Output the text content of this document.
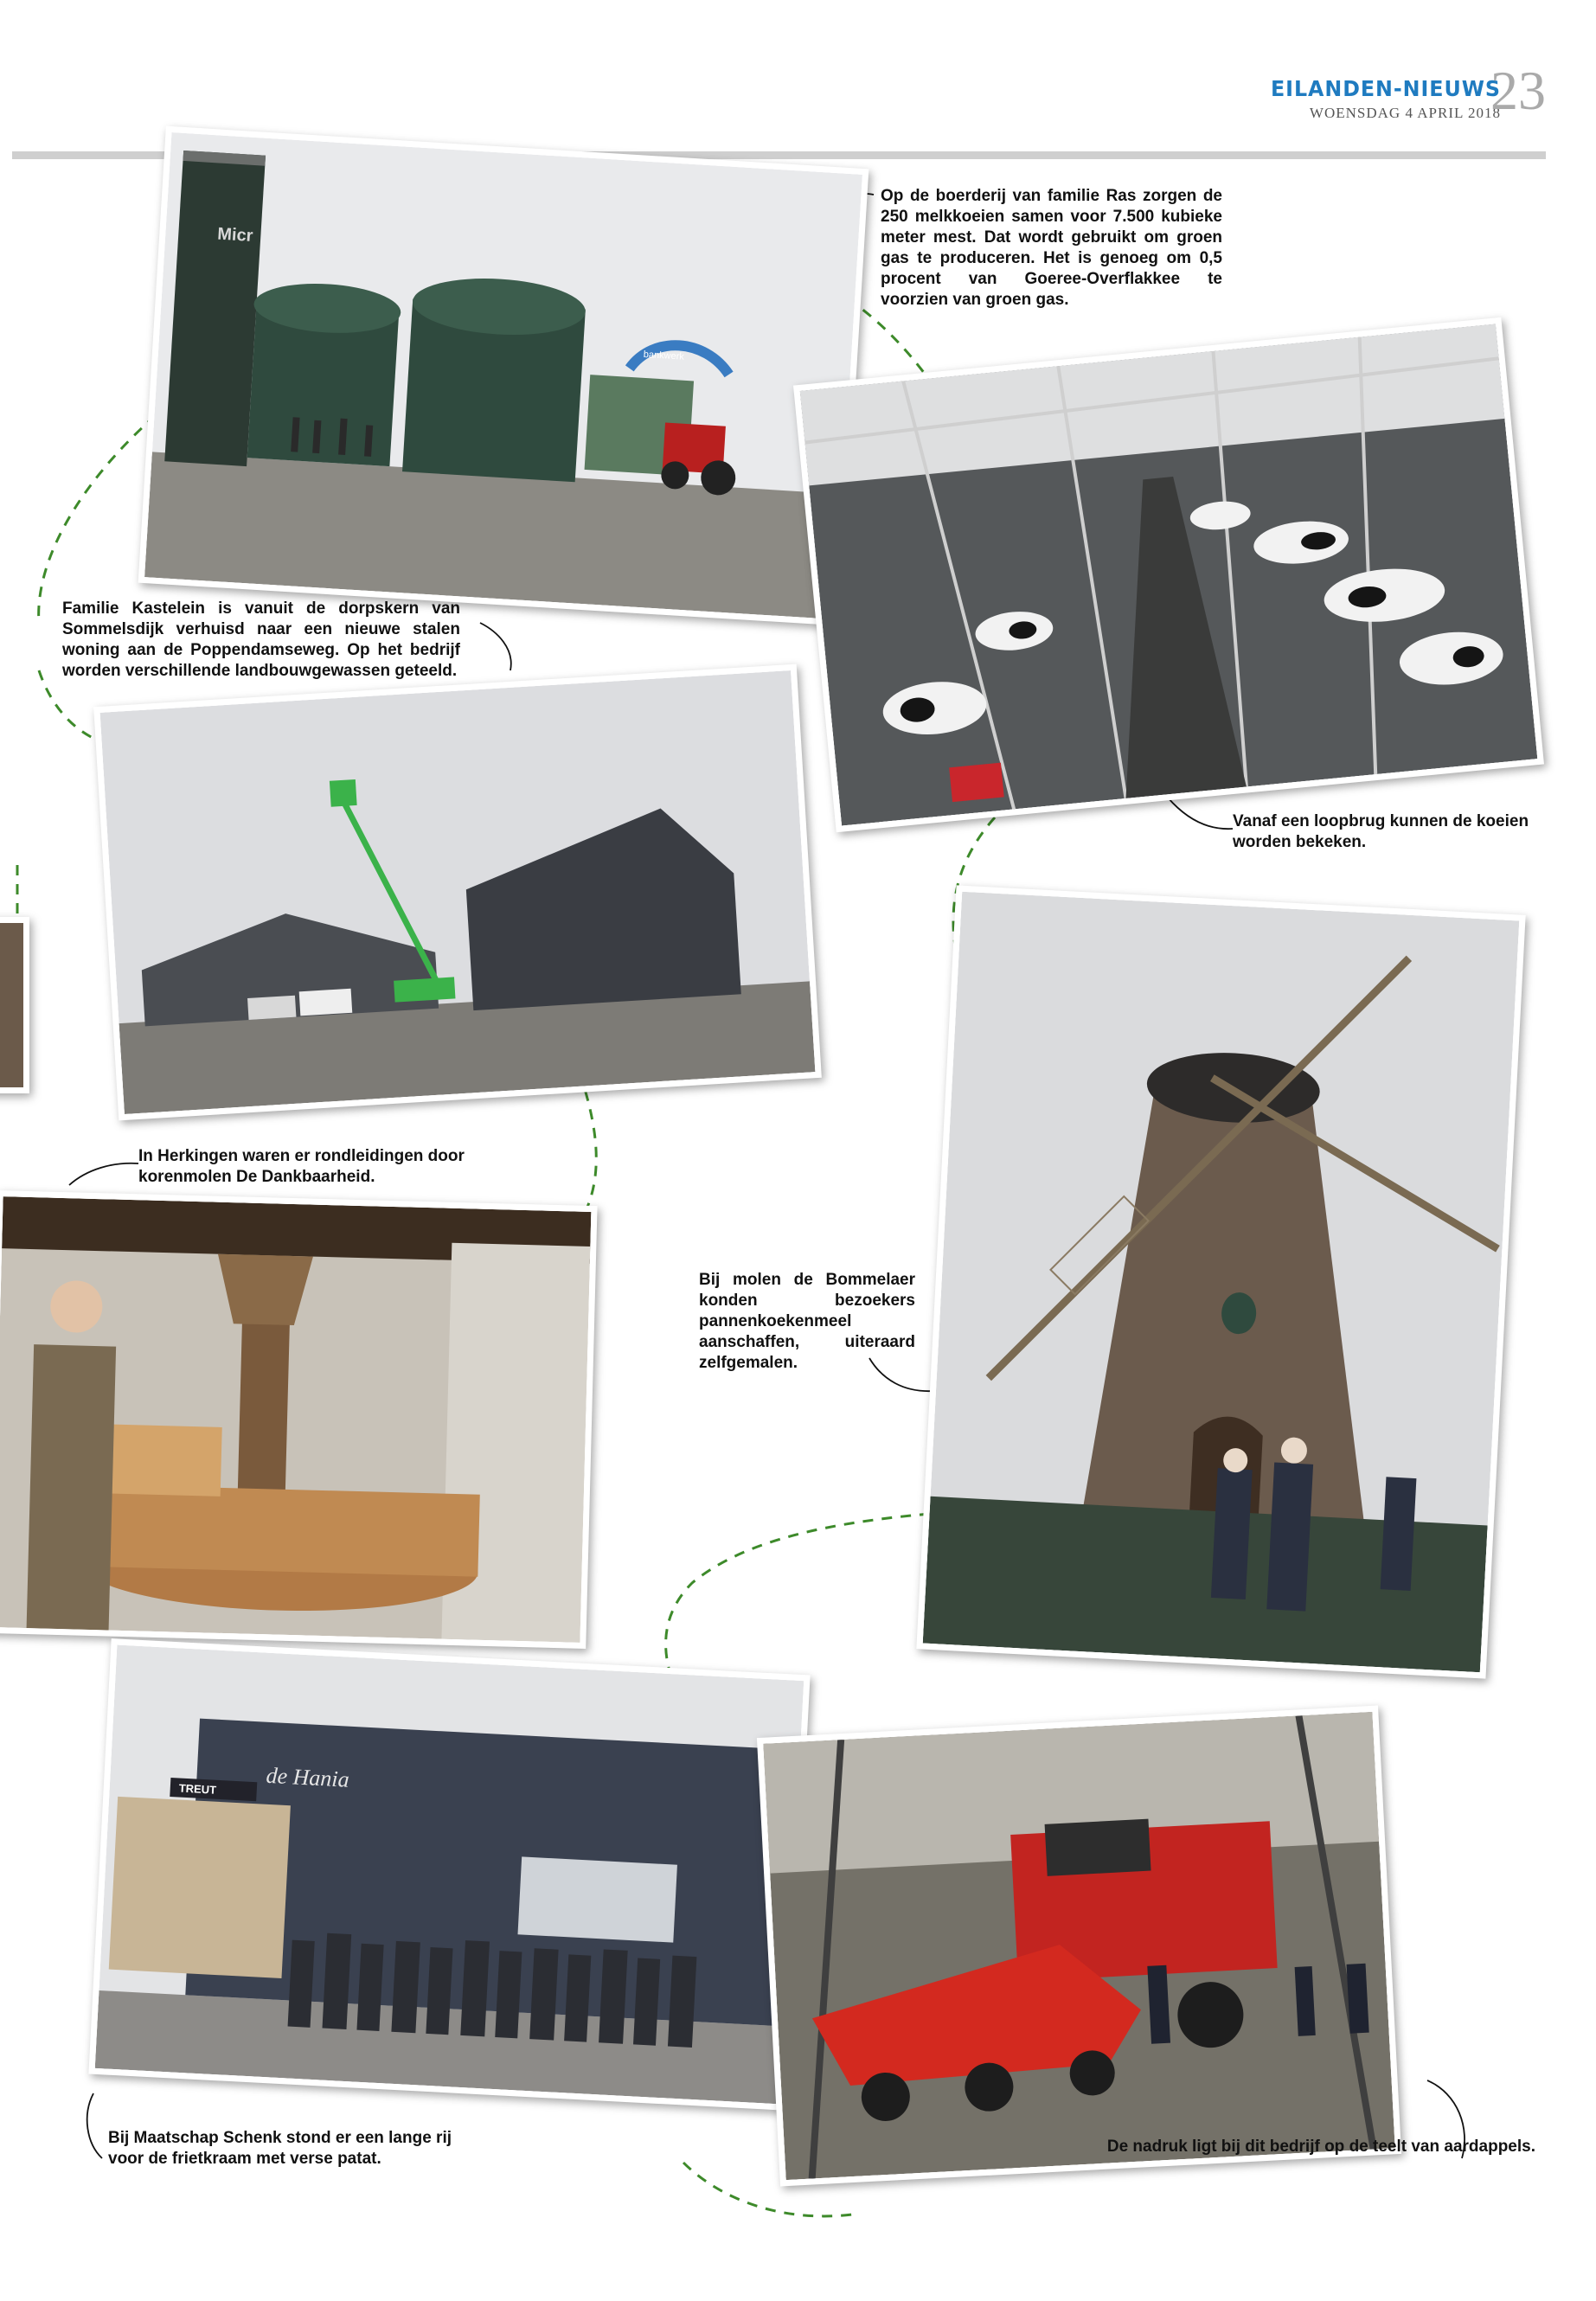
EILANDEN-NIEUWS
WOENSDAG 4 APRIL 2018
23
Micr
bankwerk
Op de boerderij van familie Ras zorgen de 250 melkkoeien samen voor 7.500 kubieke meter mest. Dat wordt gebruikt om groen gas te produceren. Het is genoeg om 0,5 procent van Goeree-Overflakkee te voorzien van groen gas.
Familie Kastelein is vanuit de dorpskern van Sommelsdijk verhuisd naar een nieuwe stalen woning aan de Poppendamseweg. Op het bedrijf worden verschillende landbouwgewassen geteeld.
Vanaf een loopbrug kunnen de koeien worden bekeken.
In Herkingen waren er rondleidingen door korenmolen De Dankbaarheid.
Bij molen de Bommelaer konden bezoekers pannenkoekenmeel aanschaffen, uiteraard zelfgemalen.
de Hania
TREUT
Bij Maatschap Schenk stond er een lange rij voor de frietkraam met verse patat.
De nadruk ligt bij dit bedrijf op de teelt van aardappels.
